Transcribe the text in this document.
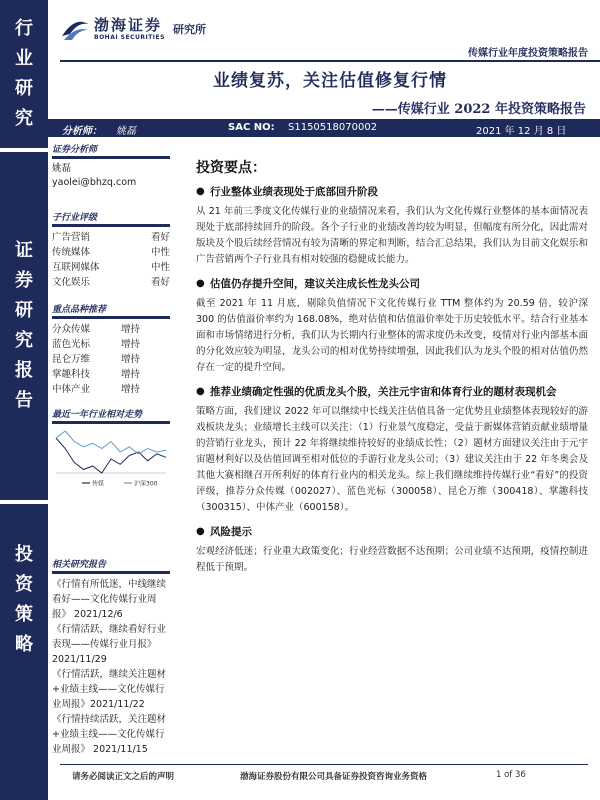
行
业
研
究
证
券
研
究
报
告
投
资
策
略
渤海证券
BOHAI SECURITIES
研究所
传媒行业年度投资策略报告
业绩复苏，关注估值修复行情
——传媒行业 2022 年投资策略报告
分析师： 姚磊	SAC NO: S1150518070002	2021 年 12 月 8 日
证券分析师
姚磊
yaolei@bhzq.com
子行业评级
广告营销	看好
传统媒体	中性
互联网媒体	中性
文化娱乐	看好
重点品种推荐
分众传媒	增持
蓝色光标	增持
昆仑万维	增持
掌趣科技	增持
中体产业	增持
最近一年行业相对走势
传媒	沪深300
相关研究报告
《行情有所低迷，中线继续看好——文化传媒行业周报》 2021/12/6
《行情活跃，继续看好行业表现——传媒行业月报》 2021/11/29
《行情活跃，继续关注题材+业绩主线——文化传媒行业周报》2021/11/22
《行情持续活跃，关注题材+业绩主线——文化传媒行业周报》 2021/11/15
投资要点：
● 行业整体业绩表现处于底部回升阶段
从 21 年前三季度文化传媒行业的业绩情况来看，我们认为文化传媒行业整体的基本面情况表现处于底部持续回升的阶段。各个子行业的业绩改善均较为明显，但幅度有所分化，因此需对版块及个股后续经营情况有较为清晰的界定和判断，结合汇总结果，我们认为目前文化娱乐和广告营销两个子行业具有相对较强的稳健成长能力。
● 估值仍存提升空间，建议关注成长性龙头公司
截至 2021 年 11 月底，剔除负值情况下文化传媒行业 TTM 整体约为 20.59 倍，较沪深 300 的估值溢价率约为 168.08%，绝对估值和估值溢价率处于历史较低水平。结合行业基本面和市场情绪进行分析，我们认为长期内行业整体的需求度仍未改变，疫情对行业内部基本面的分化效应较为明显，龙头公司的相对优势持续增强，因此我们认为龙头个股的相对估值仍然存在一定的提升空间。
● 推荐业绩确定性强的优质龙头个股，关注元宇宙和体育行业的题材表现机会
策略方面，我们建议 2022 年可以继续中长线关注估值具备一定优势且业绩整体表现较好的游戏板块龙头；业绩增长主线可以关注：（1）行业景气度稳定，受益于新媒体营销贡献业绩增量的营销行业龙头，预计 22 年将继续维持较好的业绩成长性；（2）题材方面建议关注由于元宇宙题材利好以及估值回调至相对低位的手游行业龙头公司；（3）建议关注由于 22 年冬奥会及其他大赛相继召开所利好的体育行业内的相关龙头。综上我们继续维持传媒行业“看好”的投资评级，推荐分众传媒（002027）、蓝色光标（300058）、昆仑万维（300418）、掌趣科技（300315）、中体产业（600158）。
● 风险提示
宏观经济低迷；行业重大政策变化；行业经营数据不达预期；公司业绩不达预期，疫情控制进程低于预期。
请务必阅读正文之后的声明	渤海证券股份有限公司具备证券投资咨询业务资格	1 of 36
